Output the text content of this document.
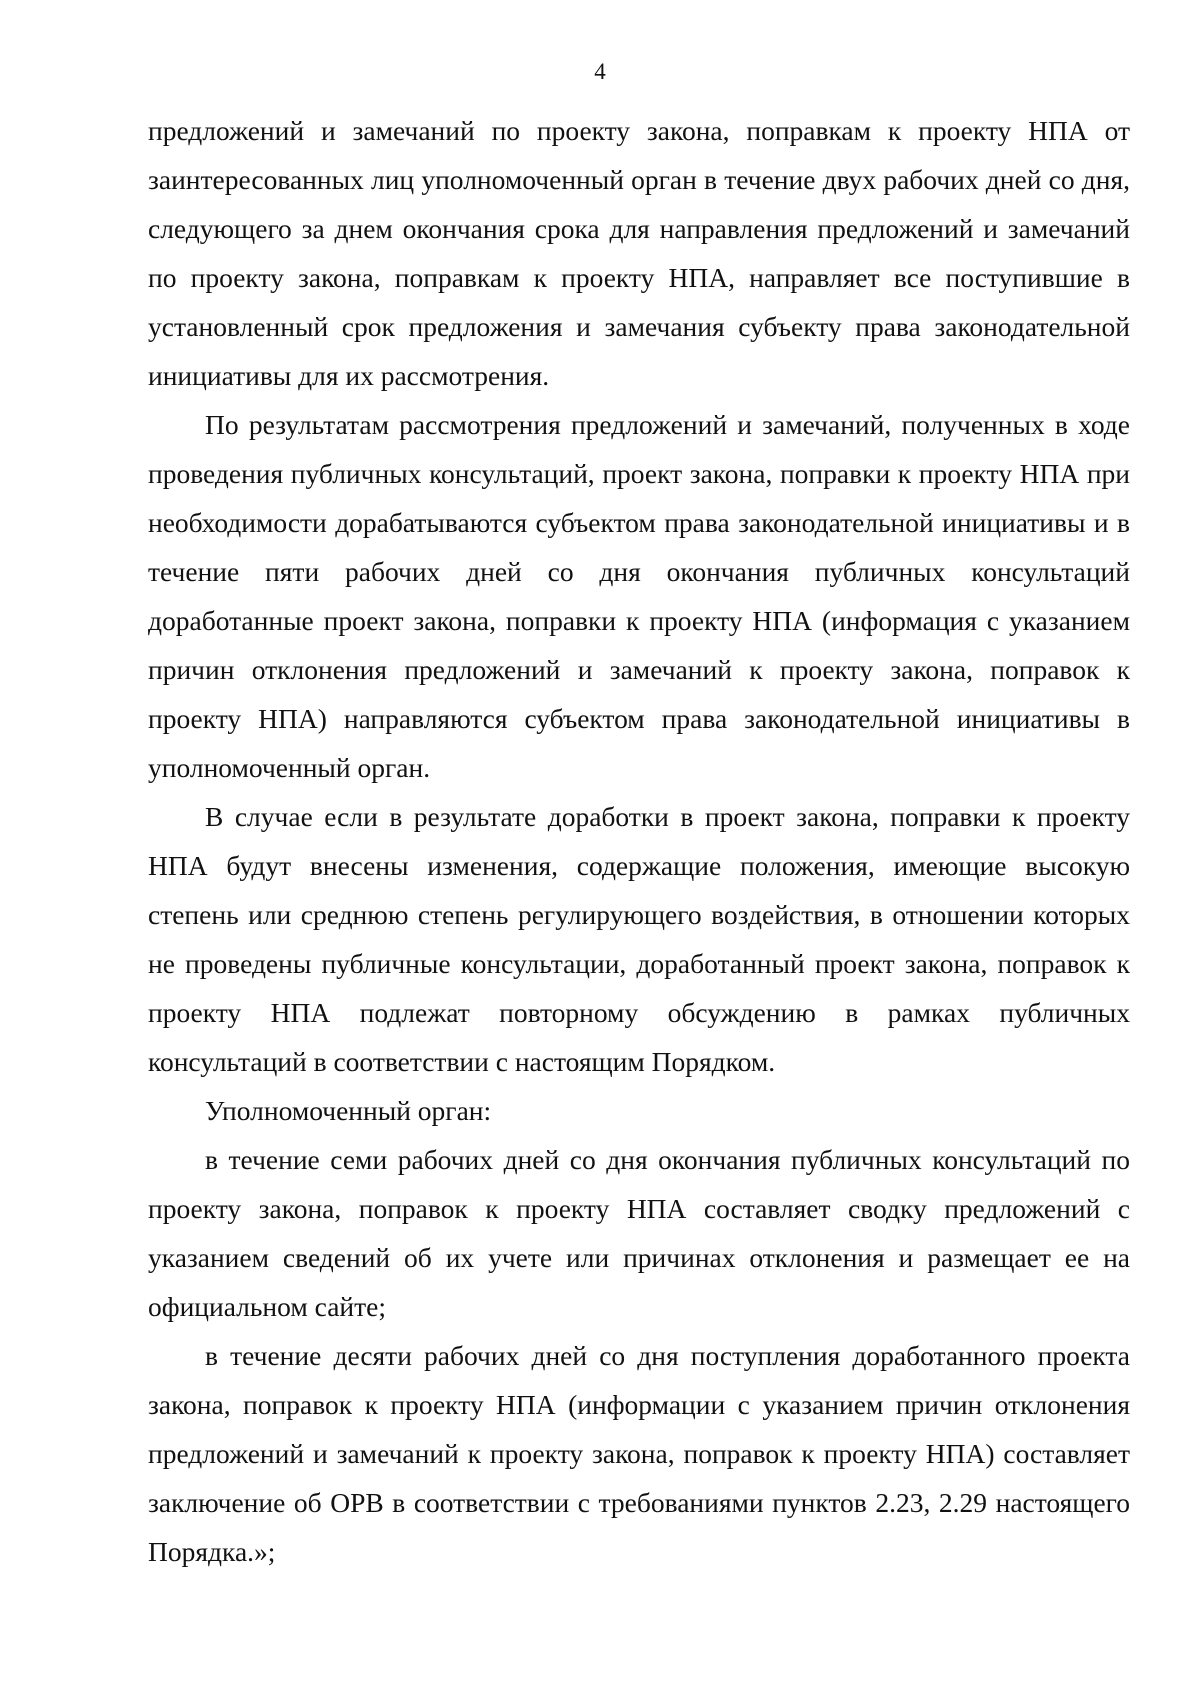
4

предложений и замечаний по проекту закона, поправкам к проекту НПА от заинтересованных лиц уполномоченный орган в течение двух рабочих дней со дня, следующего за днем окончания срока для направления предложений и замечаний по проекту закона, поправкам к проекту НПА, направляет все поступившие в установленный срок предложения и замечания субъекту права законодательной инициативы для их рассмотрения.

По результатам рассмотрения предложений и замечаний, полученных в ходе проведения публичных консультаций, проект закона, поправки к проекту НПА при необходимости дорабатываются субъектом права законодательной инициативы и в течение пяти рабочих дней со дня окончания публичных консультаций доработанные проект закона, поправки к проекту НПА (информация с указанием причин отклонения предложений и замечаний к проекту закона, поправок к проекту НПА) направляются субъектом права законодательной инициативы в уполномоченный орган.

В случае если в результате доработки в проект закона, поправки к проекту НПА будут внесены изменения, содержащие положения, имеющие высокую степень или среднюю степень регулирующего воздействия, в отношении которых не проведены публичные консультации, доработанный проект закона, поправок к проекту НПА подлежат повторному обсуждению в рамках публичных консультаций в соответствии с настоящим Порядком.

Уполномоченный орган:

в течение семи рабочих дней со дня окончания публичных консультаций по проекту закона, поправок к проекту НПА составляет сводку предложений с указанием сведений об их учете или причинах отклонения и размещает ее на официальном сайте;

в течение десяти рабочих дней со дня поступления доработанного проекта закона, поправок к проекту НПА (информации с указанием причин отклонения предложений и замечаний к проекту закона, поправок к проекту НПА) составляет заключение об ОРВ в соответствии с требованиями пунктов 2.23, 2.29 настоящего Порядка.»;
